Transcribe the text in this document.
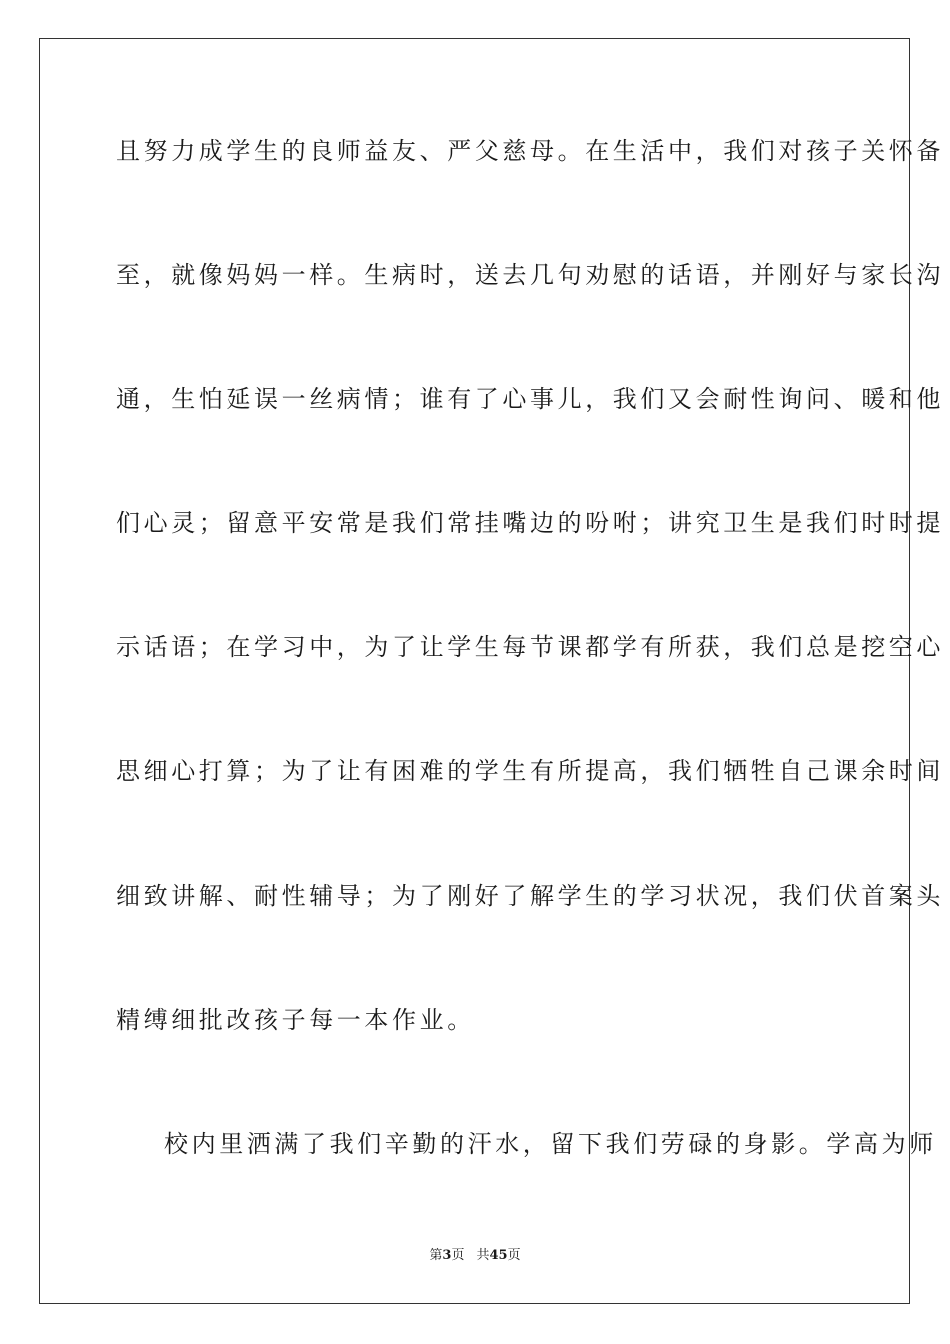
且努力成学生的良师益友、严父慈母。在生活中，我们对孩子关怀备
至，就像妈妈一样。生病时，送去几句劝慰的话语，并刚好与家长沟
通，生怕延误一丝病情；谁有了心事儿，我们又会耐性询问、暖和他
们心灵；留意平安常是我们常挂嘴边的吩咐；讲究卫生是我们时时提
示话语；在学习中，为了让学生每节课都学有所获，我们总是挖空心
思细心打算；为了让有困难的学生有所提高，我们牺牲自己课余时间
细致讲解、耐性辅导；为了刚好了解学生的学习状况，我们伏首案头
精缚细批改孩子每一本作业。
校内里洒满了我们辛勤的汗水，留下我们劳碌的身影。学高为师
第3页 共45页
